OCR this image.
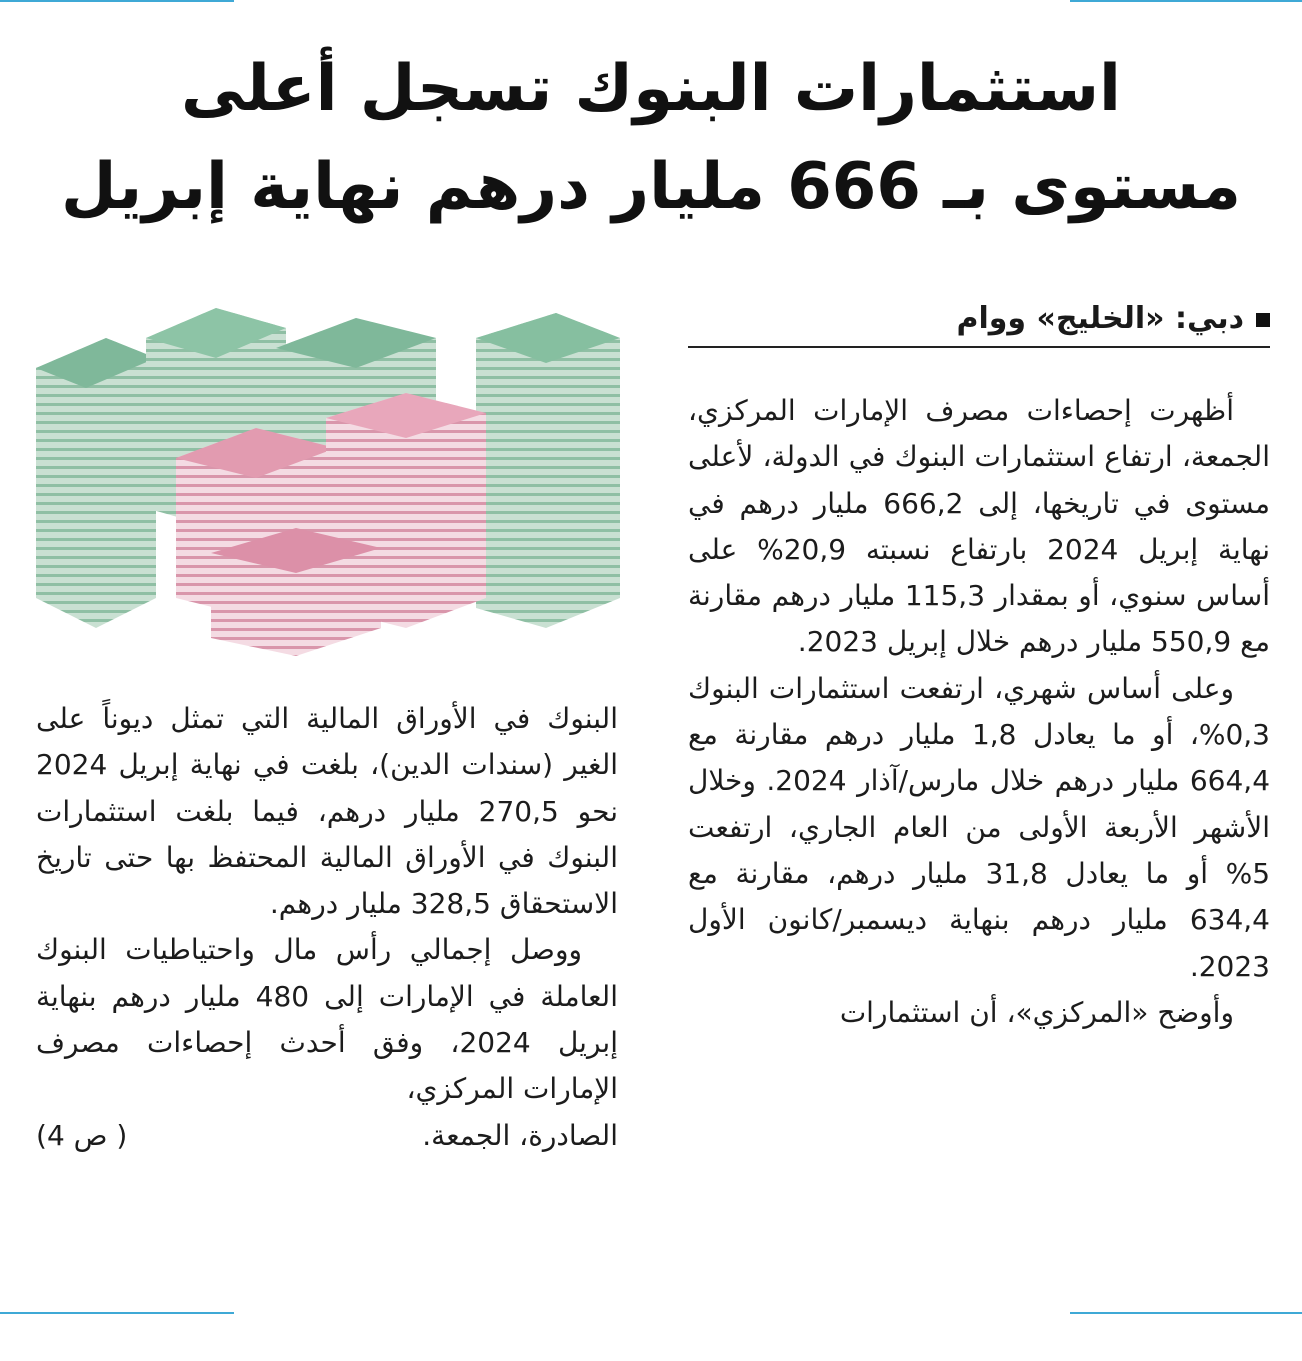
استثمارات البنوك تسجل أعلى
مستوى بـ 666 مليار درهم نهاية إبريل
دبي: «الخليج» ووام

أظهرت إحصاءات مصرف الإمارات المركزي، الجمعة، ارتفاع استثمارات البنوك في الدولة، لأعلى مستوى في تاريخها، إلى 666,2 مليار درهم في نهاية إبريل 2024 بارتفاع نسبته 20,9% على أساس سنوي، أو بمقدار 115,3 مليار درهم مقارنة مع 550,9 مليار درهم خلال إبريل 2023.

وعلى أساس شهري، ارتفعت استثمارات البنوك 0,3%، أو ما يعادل 1,8 مليار درهم مقارنة مع 664,4 مليار درهم خلال مارس/آذار 2024. وخلال الأشهر الأربعة الأولى من العام الجاري، ارتفعت 5% أو ما يعادل 31,8 مليار درهم، مقارنة مع 634,4 مليار درهم بنهاية ديسمبر/كانون الأول 2023.

وأوضح «المركزي»، أن استثمارات

البنوك في الأوراق المالية التي تمثل ديوناً على الغير (سندات الدين)، بلغت في نهاية إبريل 2024 نحو 270,5 مليار درهم، فيما بلغت استثمارات البنوك في الأوراق المالية المحتفظ بها حتى تاريخ الاستحقاق 328,5 مليار درهم.

ووصل إجمالي رأس مال واحتياطيات البنوك العاملة في الإمارات إلى 480 مليار درهم بنهاية إبريل 2024، وفق أحدث إحصاءات مصرف الإمارات المركزي،

الصادرة، الجمعة.
( ص 4)
